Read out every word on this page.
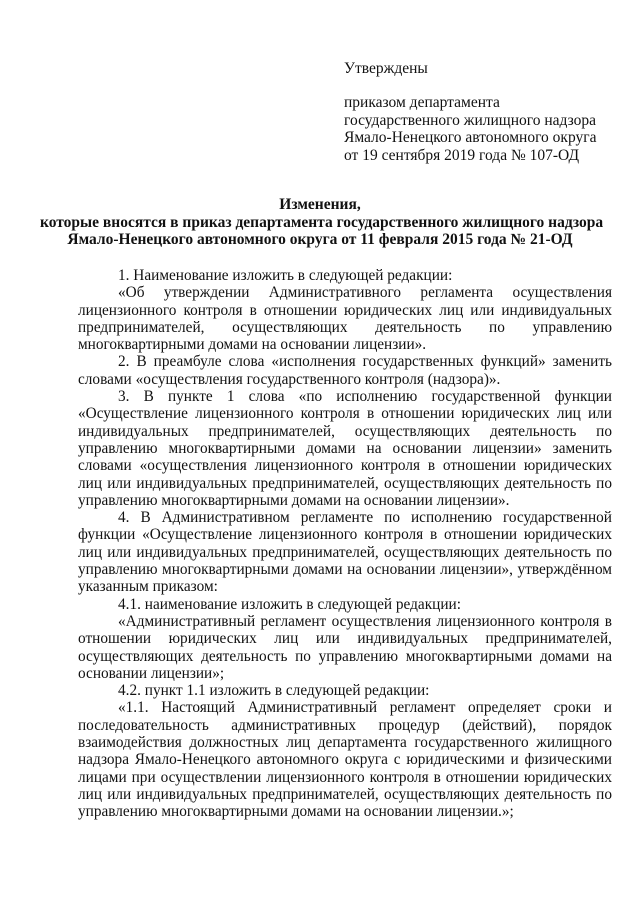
Утверждены
приказом департамента
государственного жилищного надзора
Ямало-Ненецкого автономного округа
от 19 сентября 2019 года № 107-ОД
Изменения,
которые вносятся в приказ департамента государственного жилищного надзора
Ямало-Ненецкого автономного округа от 11 февраля 2015 года № 21-ОД

1. Наименование изложить в следующей редакции:

«Об утверждении Административного регламента осуществления лицензионного контроля в отношении юридических лиц или индивидуальных предпринимателей, осуществляющих деятельность по управлению многоквартирными домами на основании лицензии».

2. В преамбуле слова «исполнения государственных функций» заменить словами «осуществления государственного контроля (надзора)».

3. В пункте 1 слова «по исполнению государственной функции «Осуществление лицензионного контроля в отношении юридических лиц или индивидуальных предпринимателей, осуществляющих деятельность по управлению многоквартирными домами на основании лицензии» заменить словами «осуществления лицензионного контроля в отношении юридических лиц или индивидуальных предпринимателей, осуществляющих деятельность по управлению многоквартирными домами на основании лицензии».

4. В Административном регламенте по исполнению государственной функции «Осуществление лицензионного контроля в отношении юридических лиц или индивидуальных предпринимателей, осуществляющих деятельность по управлению многоквартирными домами на основании лицензии», утверждённом указанным приказом:

4.1. наименование изложить в следующей редакции:

«Административный регламент осуществления лицензионного контроля в отношении юридических лиц или индивидуальных предпринимателей, осуществляющих деятельность по управлению многоквартирными домами на основании лицензии»;

4.2. пункт 1.1 изложить в следующей редакции:

«1.1. Настоящий Административный регламент определяет сроки и последовательность административных процедур (действий), порядок взаимодействия должностных лиц департамента государственного жилищного надзора Ямало-Ненецкого автономного округа с юридическими и физическими лицами при осуществлении лицензионного контроля в отношении юридических лиц или индивидуальных предпринимателей, осуществляющих деятельность по управлению многоквартирными домами на основании лицензии.»;
